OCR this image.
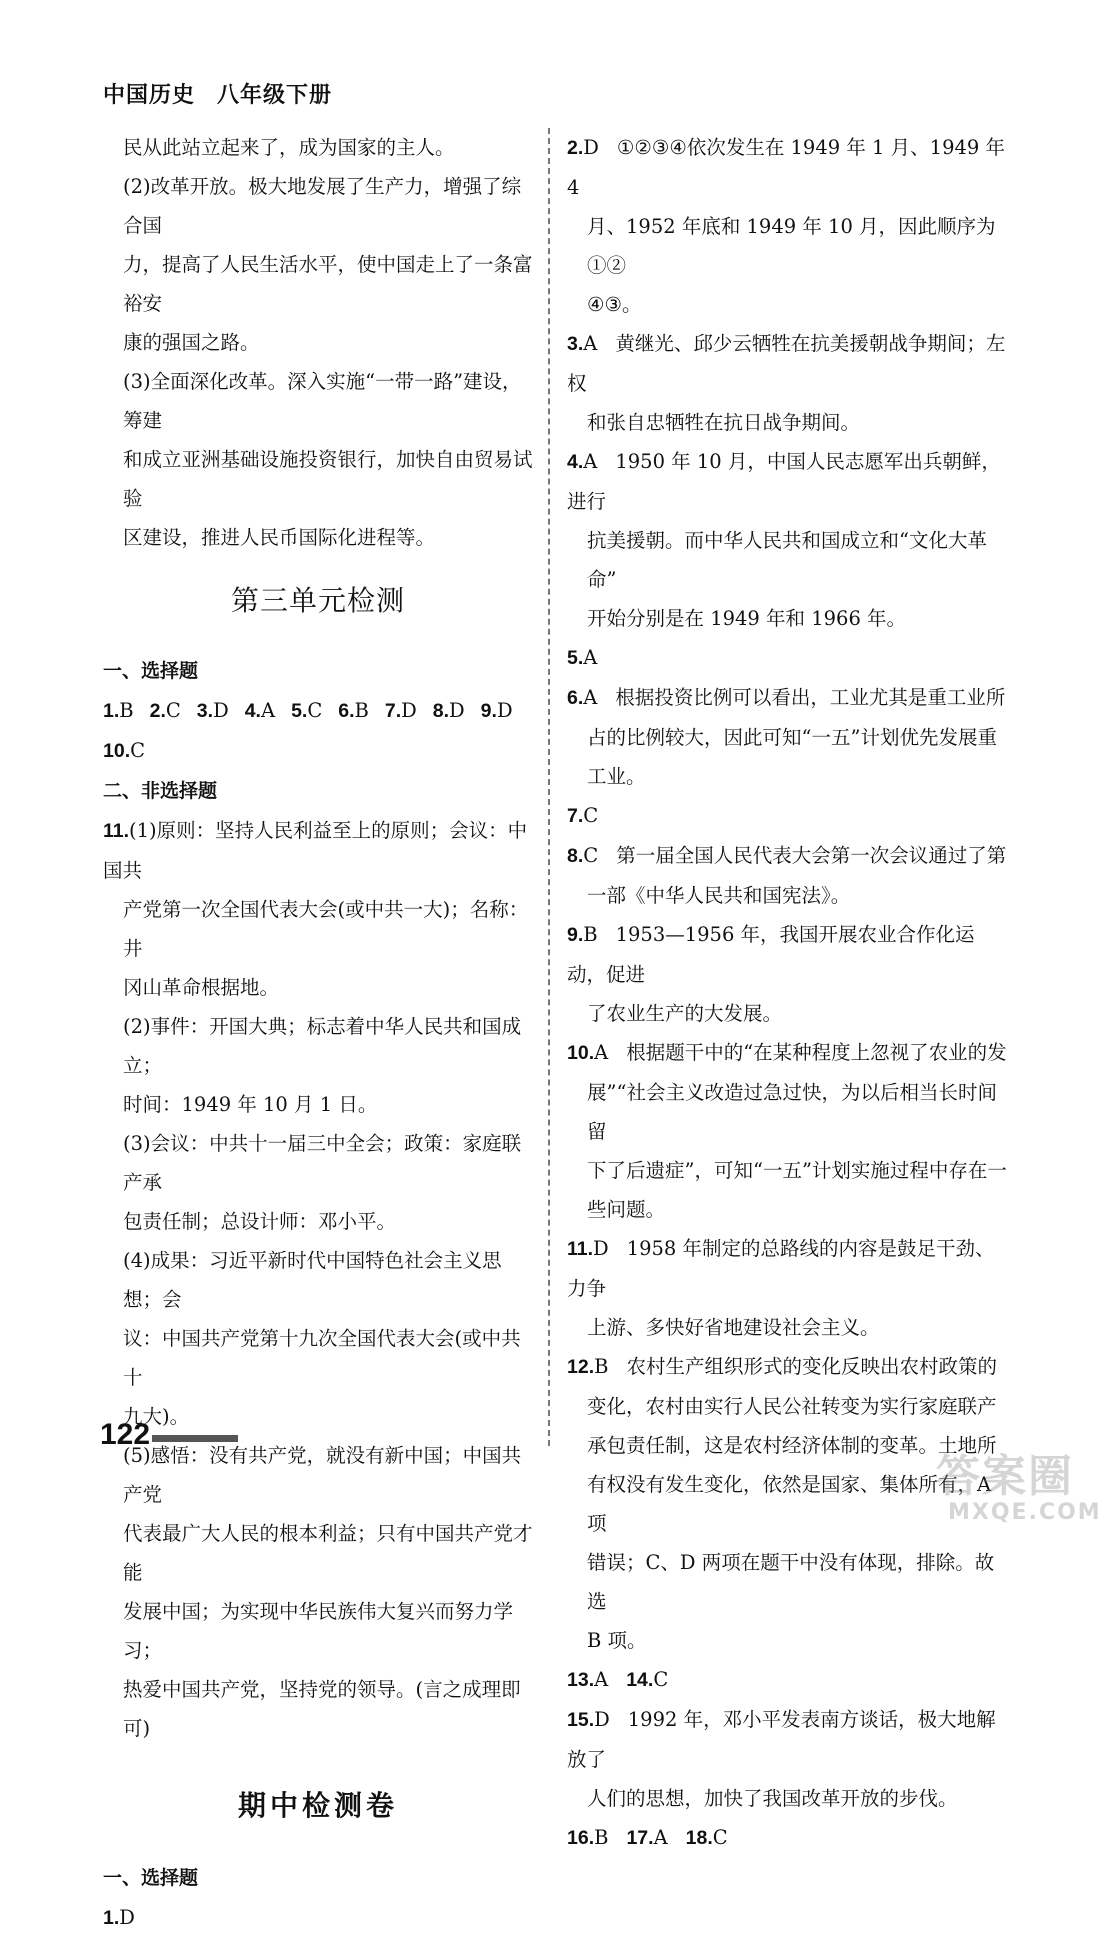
中国历史 八年级下册

民从此站立起来了，成为国家的主人。

(2)改革开放。极大地发展了生产力，增强了综合国

力，提高了人民生活水平，使中国走上了一条富裕安

康的强国之路。

(3)全面深化改革。深入实施“一带一路”建设，筹建

和成立亚洲基础设施投资银行，加快自由贸易试验

区建设，推进人民币国际化进程等。

第三单元检测

一、选择题

1.B 2.C 3.D 4.A 5.C 6.B 7.D 8.D 9.D

10.C

二、非选择题

11.(1)原则：坚持人民利益至上的原则；会议：中国共

产党第一次全国代表大会(或中共一大)；名称：井

冈山革命根据地。

(2)事件：开国大典；标志着中华人民共和国成立；

时间：1949 年 10 月 1 日。

(3)会议：中共十一届三中全会；政策：家庭联产承

包责任制；总设计师：邓小平。

(4)成果：习近平新时代中国特色社会主义思想；会

议：中国共产党第十九次全国代表大会(或中共十

九大)。

(5)感悟：没有共产党，就没有新中国；中国共产党

代表最广大人民的根本利益；只有中国共产党才能

发展中国；为实现中华民族伟大复兴而努力学习；

热爱中国共产党，坚持党的领导。(言之成理即可)

期中检测卷

一、选择题

1.D

2.D ①②③④依次发生在 1949 年 1 月、1949 年 4

月、1952 年底和 1949 年 10 月，因此顺序为①②

④③。

3.A 黄继光、邱少云牺牲在抗美援朝战争期间；左权

和张自忠牺牲在抗日战争期间。

4.A 1950 年 10 月，中国人民志愿军出兵朝鲜，进行

抗美援朝。而中华人民共和国成立和“文化大革命”

开始分别是在 1949 年和 1966 年。

5.A

6.A 根据投资比例可以看出，工业尤其是重工业所

占的比例较大，因此可知“一五”计划优先发展重

工业。

7.C

8.C 第一届全国人民代表大会第一次会议通过了第

一部《中华人民共和国宪法》。

9.B 1953—1956 年，我国开展农业合作化运动，促进

了农业生产的大发展。

10.A 根据题干中的“在某种程度上忽视了农业的发

展”“社会主义改造过急过快，为以后相当长时间留

下了后遗症”，可知“一五”计划实施过程中存在一

些问题。

11.D 1958 年制定的总路线的内容是鼓足干劲、力争

上游、多快好省地建设社会主义。

12.B 农村生产组织形式的变化反映出农村政策的

变化，农村由实行人民公社转变为实行家庭联产

承包责任制，这是农村经济体制的变革。土地所

有权没有发生变化，依然是国家、集体所有，A 项

错误；C、D 两项在题干中没有体现，排除。故选

B 项。

13.A 14.C

15.D 1992 年，邓小平发表南方谈话，极大地解放了

人们的思想，加快了我国改革开放的步伐。

16.B 17.A 18.C

122
答案圈
MXQE.COM
